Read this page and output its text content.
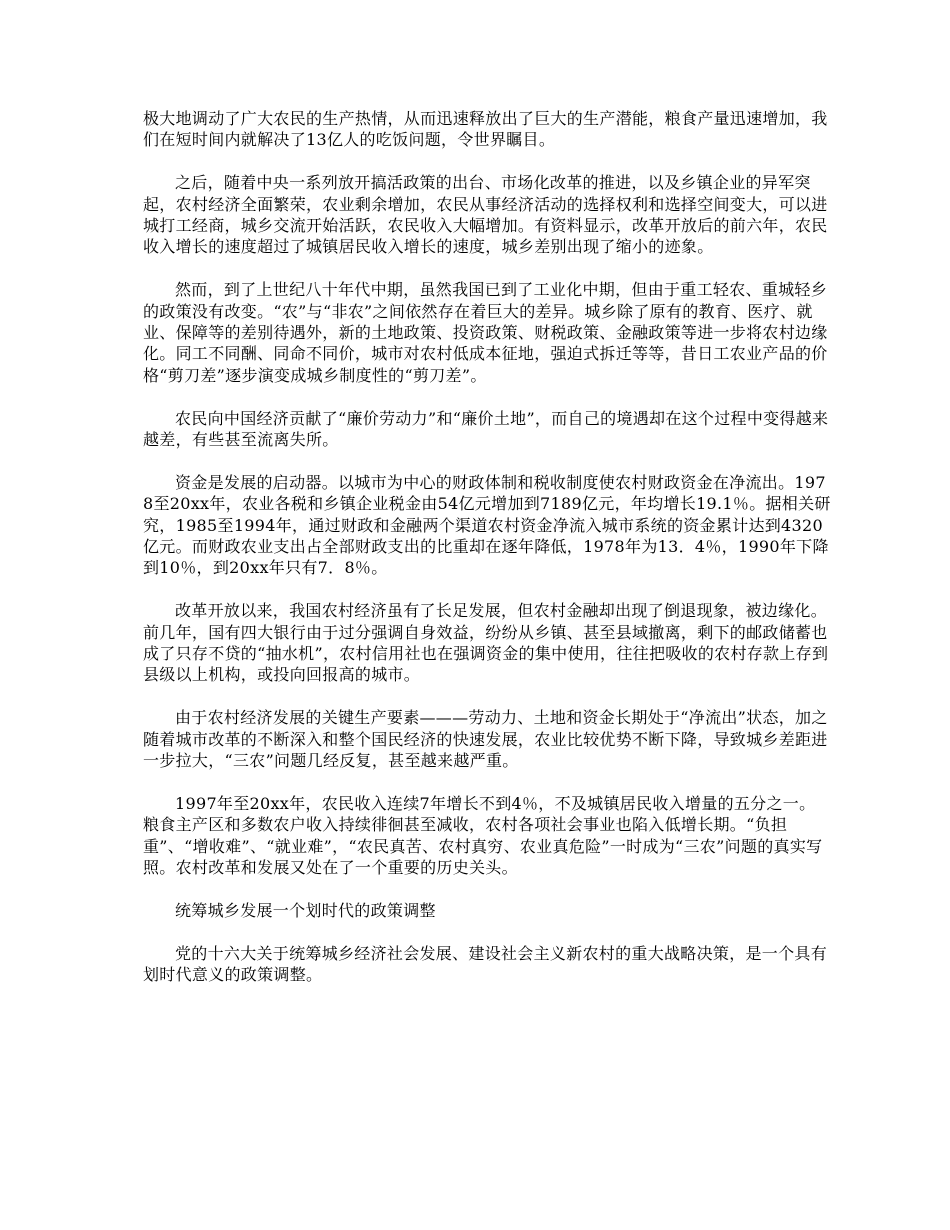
极大地调动了广大农民的生产热情，从而迅速释放出了巨大的生产潜能，粮食产量迅速增加，我们在短时间内就解决了13亿人的吃饭问题，令世界瞩目。

之后，随着中央一系列放开搞活政策的出台、市场化改革的推进，以及乡镇企业的异军突起，农村经济全面繁荣，农业剩余增加，农民从事经济活动的选择权利和选择空间变大，可以进城打工经商，城乡交流开始活跃，农民收入大幅增加。有资料显示，改革开放后的前六年，农民收入增长的速度超过了城镇居民收入增长的速度，城乡差别出现了缩小的迹象。

然而，到了上世纪八十年代中期，虽然我国已到了工业化中期，但由于重工轻农、重城轻乡的政策没有改变。“农”与“非农”之间依然存在着巨大的差异。城乡除了原有的教育、医疗、就业、保障等的差别待遇外，新的土地政策、投资政策、财税政策、金融政策等进一步将农村边缘化。同工不同酬、同命不同价，城市对农村低成本征地，强迫式拆迁等等，昔日工农业产品的价格“剪刀差”逐步演变成城乡制度性的“剪刀差”。

农民向中国经济贡献了“廉价劳动力”和“廉价土地”，而自己的境遇却在这个过程中变得越来越差，有些甚至流离失所。

资金是发展的启动器。以城市为中心的财政体制和税收制度使农村财政资金在净流出。1978至20xx年，农业各税和乡镇企业税金由54亿元增加到7189亿元，年均增长19.1％。据相关研究，1985至1994年，通过财政和金融两个渠道农村资金净流入城市系统的资金累计达到4320亿元。而财政农业支出占全部财政支出的比重却在逐年降低，1978年为13．4％，1990年下降到10％，到20xx年只有7．8％。

改革开放以来，我国农村经济虽有了长足发展，但农村金融却出现了倒退现象，被边缘化。前几年，国有四大银行由于过分强调自身效益，纷纷从乡镇、甚至县域撤离，剩下的邮政储蓄也成了只存不贷的“抽水机”，农村信用社也在强调资金的集中使用，往往把吸收的农村存款上存到县级以上机构，或投向回报高的城市。

由于农村经济发展的关键生产要素———劳动力、土地和资金长期处于“净流出”状态，加之随着城市改革的不断深入和整个国民经济的快速发展，农业比较优势不断下降，导致城乡差距进一步拉大，“三农”问题几经反复，甚至越来越严重。

1997年至20xx年，农民收入连续7年增长不到4％，不及城镇居民收入增量的五分之一。粮食主产区和多数农户收入持续徘徊甚至减收，农村各项社会事业也陷入低增长期。“负担重”、“增收难”、“就业难”，“农民真苦、农村真穷、农业真危险”一时成为“三农”问题的真实写照。农村改革和发展又处在了一个重要的历史关头。

统筹城乡发展一个划时代的政策调整

党的十六大关于统筹城乡经济社会发展、建设社会主义新农村的重大战略决策，是一个具有划时代意义的政策调整。
